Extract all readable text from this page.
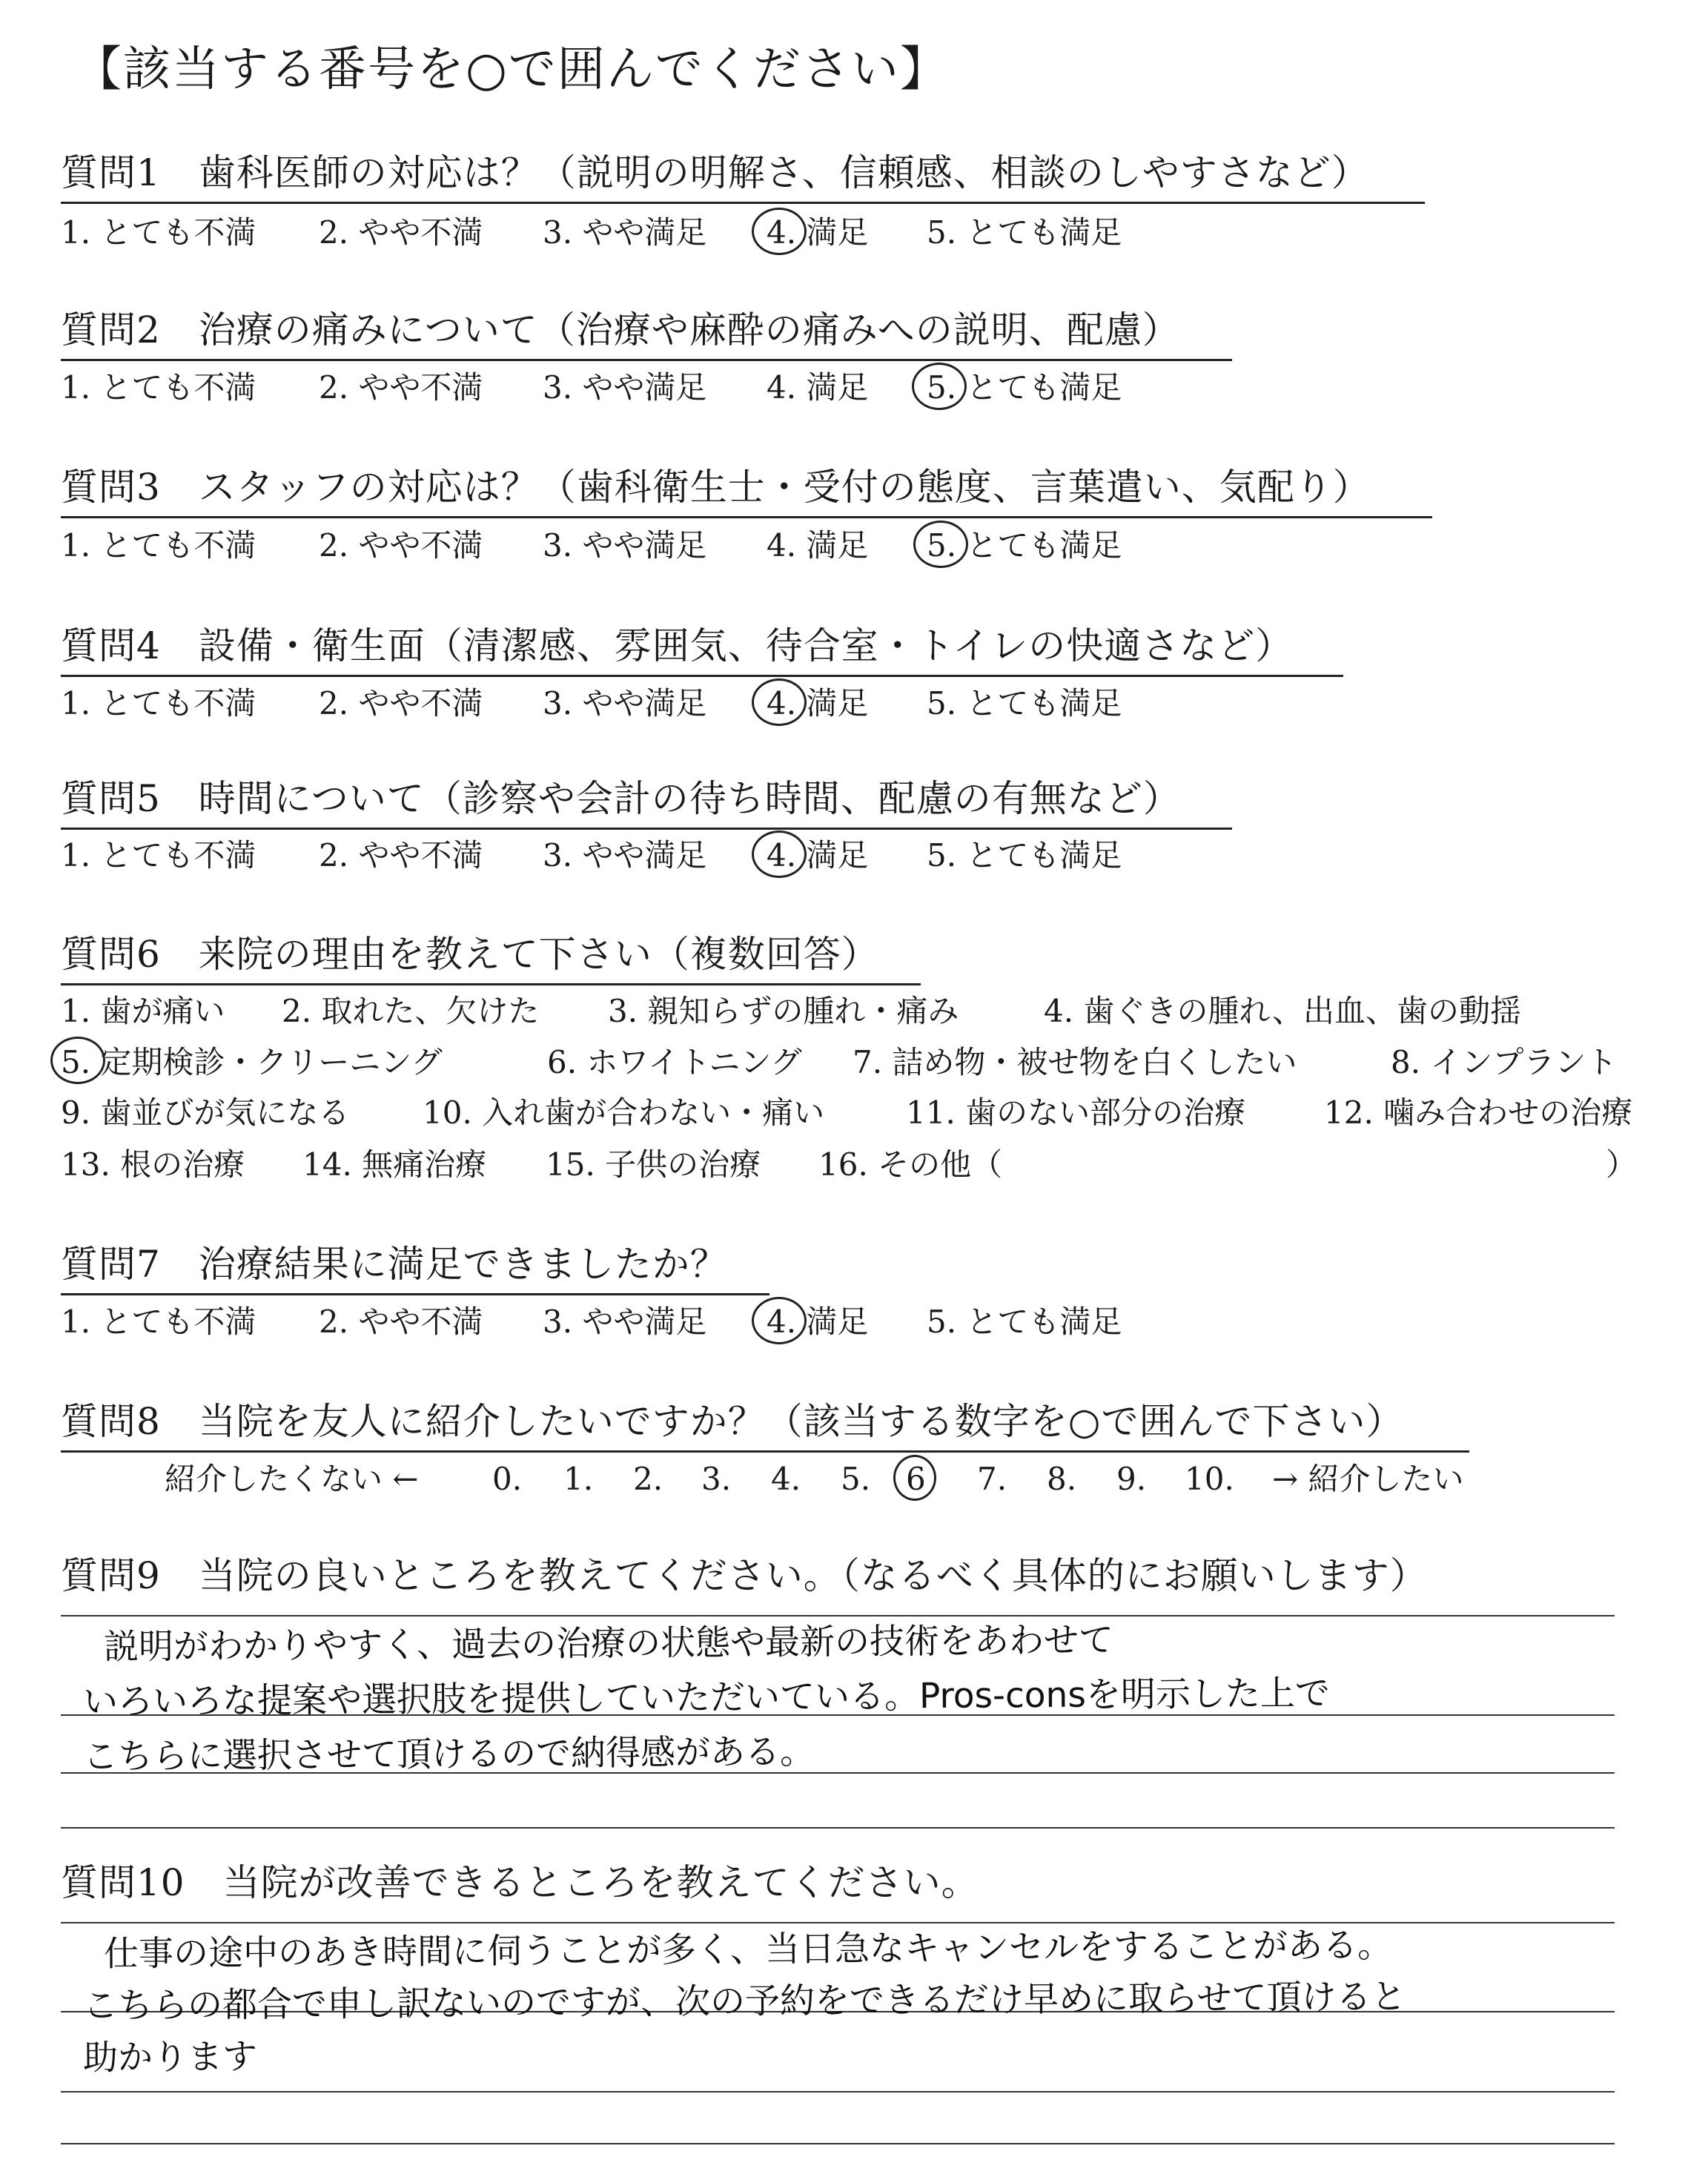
【該当する番号を○で囲んでください】
質問1　歯科医師の対応は？（説明の明解さ、信頼感、相談のしやすさなど）
1. とても不満 2. やや不満 3. やや満足 4. 満足 5. とても満足
質問2　治療の痛みについて（治療や麻酔の痛みへの説明、配慮）
1. とても不満 2. やや不満 3. やや満足 4. 満足 5. とても満足
質問3　スタッフの対応は？（歯科衛生士・受付の態度、言葉遣い、気配り）
1. とても不満 2. やや不満 3. やや満足 4. 満足 5. とても満足
質問4　設備・衛生面（清潔感、雰囲気、待合室・トイレの快適さなど）
1. とても不満 2. やや不満 3. やや満足 4. 満足 5. とても満足
質問5　時間について（診察や会計の待ち時間、配慮の有無など）
1. とても不満 2. やや不満 3. やや満足 4. 満足 5. とても満足
質問6　来院の理由を教えて下さい（複数回答）
1. 歯が痛い 2. 取れた、欠けた 3. 親知らずの腫れ・痛み	4. 歯ぐきの腫れ、出血、歯の動揺
5. 定期検診・クリーニング	6. ホワイトニング 7. 詰め物・被せ物を白くしたい	8. インプラント
9. 歯並びが気になる 10. 入れ歯が合わない・痛い	11. 歯のない部分の治療	12. 噛み合わせの治療
13. 根の治療 14. 無痛治療 15. 子供の治療 16. その他（	）
質問7　治療結果に満足できましたか？
1. とても不満 2. やや不満 3. やや満足 4. 満足 5. とても満足
質問8　当院を友人に紹介したいですか？（該当する数字を○で囲んで下さい）
紹介したくない ← 0. 1. 2. 3. 4. 5. 6 7. 8. 9. 10. → 紹介したい
質問9　当院の良いところを教えてください。（なるべく具体的にお願いします）
説明がわかりやすく、過去の治療の状態や最新の技術をあわせて
いろいろな提案や選択肢を提供していただいている。Pros-consを明示した上で
こちらに選択させて頂けるので納得感がある。
質問10　当院が改善できるところを教えてください。
仕事の途中のあき時間に伺うことが多く、当日急なキャンセルをすることがある。
こちらの都合で申し訳ないのですが、次の予約をできるだけ早めに取らせて頂けると
助かります
